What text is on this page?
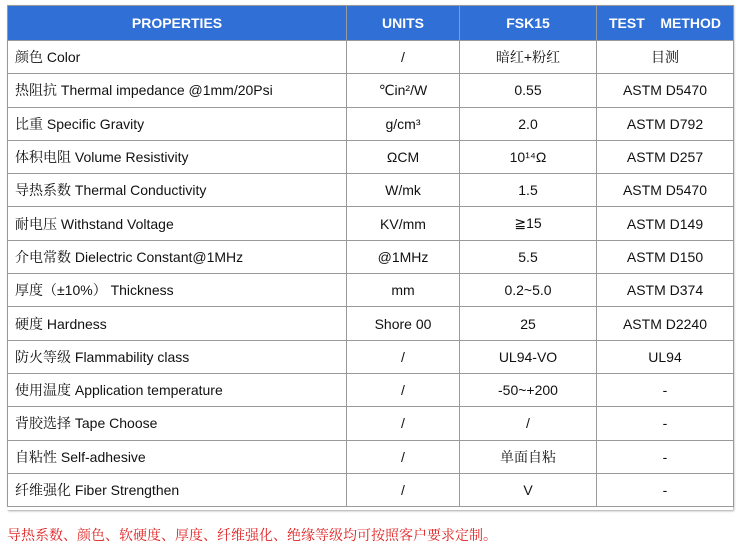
PROPERTIES	UNITS	FSK15	TEST    METHOD
颜色 Color	/	暗红+粉红	目测
热阻抗 Thermal impedance @1mm/20Psi	℃in²/W	0.55	ASTM D5470
比重 Specific Gravity	g/cm³	2.0	ASTM D792
体积电阻 Volume Resistivity	ΩCM	10¹⁴Ω	ASTM D257
导热系数 Thermal Conductivity	W/mk	1.5	ASTM D5470
耐电压 Withstand Voltage	KV/mm	≧15	ASTM D149
介电常数 Dielectric Constant@1MHz	@1MHz	5.5	ASTM D150
厚度（±10%） Thickness	mm	0.2~5.0	ASTM D374
硬度 Hardness	Shore 00	25	ASTM D2240
防火等级 Flammability class	/	UL94-VO	UL94
使用温度 Application temperature	/	-50~+200	-
背胶选择 Tape Choose	/	/	-
自粘性 Self-adhesive	/	单面自粘	-
纤维强化 Fiber Strengthen	/	V	-
导热系数、颜色、软硬度、厚度、纤维强化、绝缘等级均可按照客户要求定制。
